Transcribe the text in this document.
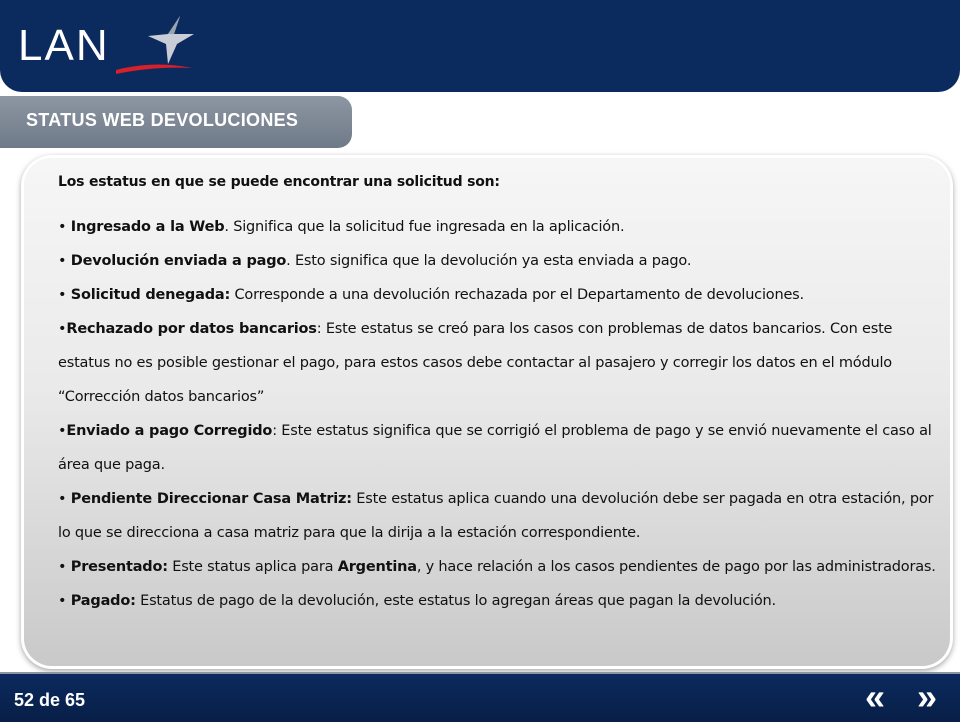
LAN
STATUS WEB DEVOLUCIONES

Los estatus en que se puede encontrar una solicitud son:

• Ingresado a la Web. Significa que la solicitud fue ingresada en la aplicación.

• Devolución enviada a pago. Esto significa que la devolución ya esta enviada a pago.

• Solicitud denegada: Corresponde a una devolución rechazada por el Departamento de devoluciones.

•Rechazado por datos bancarios: Este estatus se creó para los casos con problemas de datos bancarios. Con este estatus no es posible gestionar el pago, para estos casos debe contactar al pasajero y corregir los datos en el módulo “Corrección datos bancarios”

•Enviado a pago Corregido: Este estatus significa que se corrigió el problema de pago y se envió nuevamente el caso al área que paga.

• Pendiente Direccionar Casa Matriz: Este estatus aplica cuando una devolución debe ser pagada en otra estación, por lo que se direcciona a casa matriz para que la dirija a la estación correspondiente.

• Presentado: Este status aplica para Argentina, y hace relación a los casos pendientes de pago por las administradoras.

• Pagado: Estatus de pago de la devolución, este estatus lo agregan áreas que pagan la devolución.

52 de 65	« »
